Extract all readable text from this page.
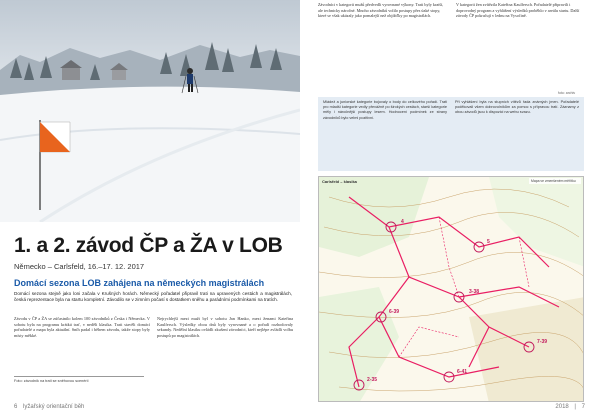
1. a 2. závod ČP a ŽA v LOB
Německo – Carlsfeld, 16.–17. 12. 2017
Domácí sezona LOB zahájena na německých magistrálách
Domácí sezona stejně jako loni začala v Krušných horách. Německý pořadatel připravil trati na upravených cestách a magistrálách, česká reprezentace byla na startu kompletní. Závodilo se v zimním počasí s dostatkem sněhu a parádními podmínkami na tratích.
Závodu v ČP a ŽA se zúčastnilo kolem 100 závodníků z Česka i Německa. V sobotu byla na programu krátká trať, v neděli klasika. Trati stavěli domácí pořadatelé a mapa byla aktuální. Sníh padal i během závodu, takže stopy byly místy měkké.
Nejrychlejší mezi muži byl v sobotu Jan Hanko, mezi ženami Kateřina Kaulfersch. Výsledky obou dnů byly vyrovnané a o pořadí rozhodovaly sekundy. Nedělní klasiku ovládli zkušení závodníci, kteří nejlépe zvládli volbu postupů po magistrálách.
Foto: závodník na trati se sněhovou scenérií
6 lyžařský orientační běh
Závodníci v kategorii mužů předvedli vyrovnané výkony. Trati byly kratší, ale technicky náročné. Mnoho závodníků volilo postupy přes úzké stopy, které se však ukázaly jako pomalejší než objížďky po magistrálách.
V kategorii žen zvítězila Kateřina Kaulfersch. Pořadatelé připravili i doprovodný program a vyhlášení výsledků proběhlo v areálu startu. Další závody ČP pokračují v lednu na Vysočině.
foto: archiv
Mládež a juniorské kategorie bojovaly o body do celkového pořadí. Trati pro mladší kategorie vedly převážně po širokých cestách, starší kategorie měly i náročnější postupy lesem. Hodnocení podmínek ze strany závodníků bylo velmi pozitivní.
Při vyhlášení byla na stupních vítězů řada známých jmen. Pořadatelé poděkovali všem dobrovolníkům za pomoc s přípravou tratí. Záznamy z obou závodů jsou k dispozici na webu svazu.
4
5
3-38
6-39
7-39
6-41
2-35
Carlsfeld – klasika	Mapa ve zmenšeném měřítku
2018 | 7
